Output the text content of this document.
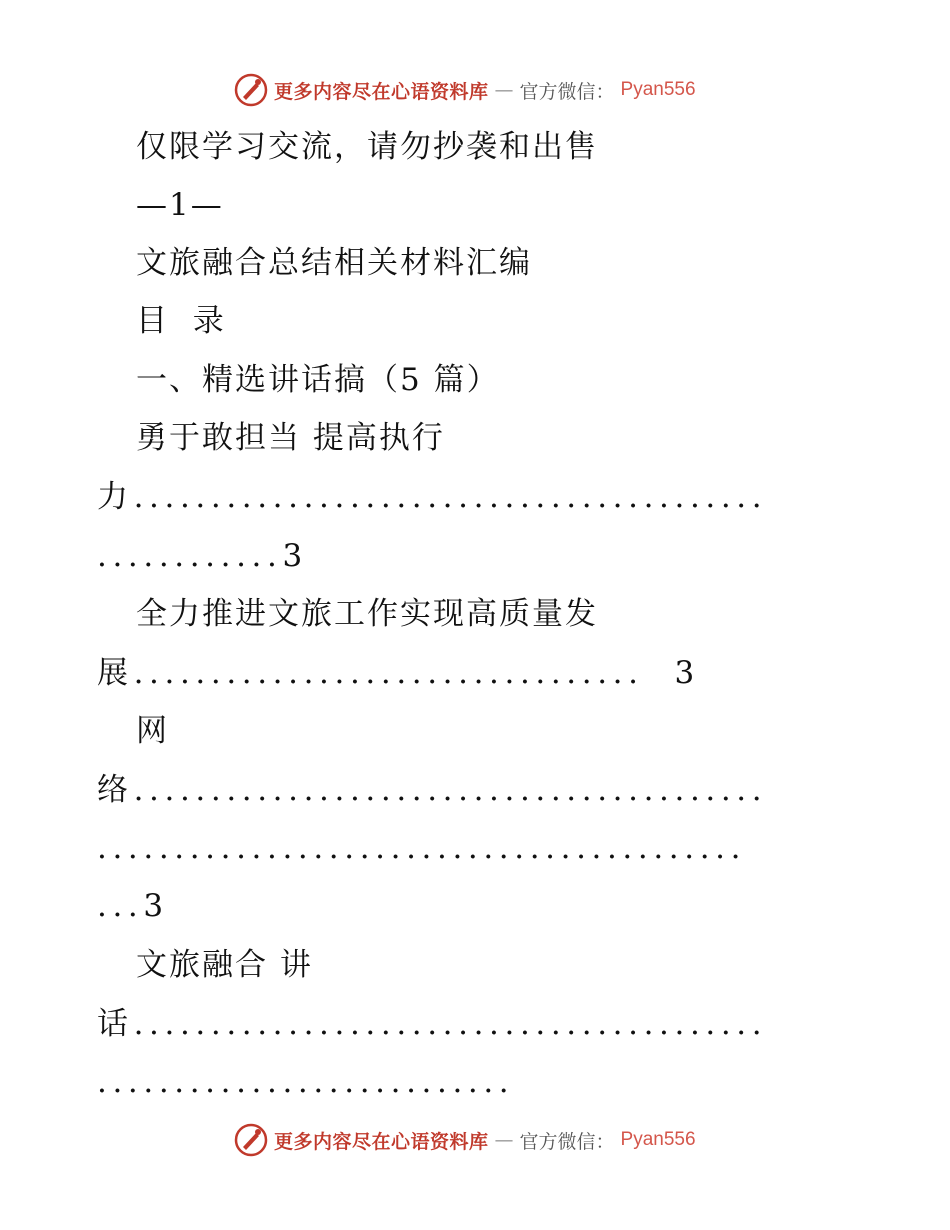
更多内容尽在心语资料库 — 官方微信： Pyan556
仅限学习交流，请勿抄袭和出售
—1—
文旅融合总结相关材料汇编
目  录
一、精选讲话搞（5 篇）
勇于敢担当 提高执行
力.........................................
............3
全力推进文旅工作实现高质量发
展.................................  3
网
络.........................................
..........................................
...3
文旅融合 讲
话.........................................
...........................
更多内容尽在心语资料库 — 官方微信： Pyan556
